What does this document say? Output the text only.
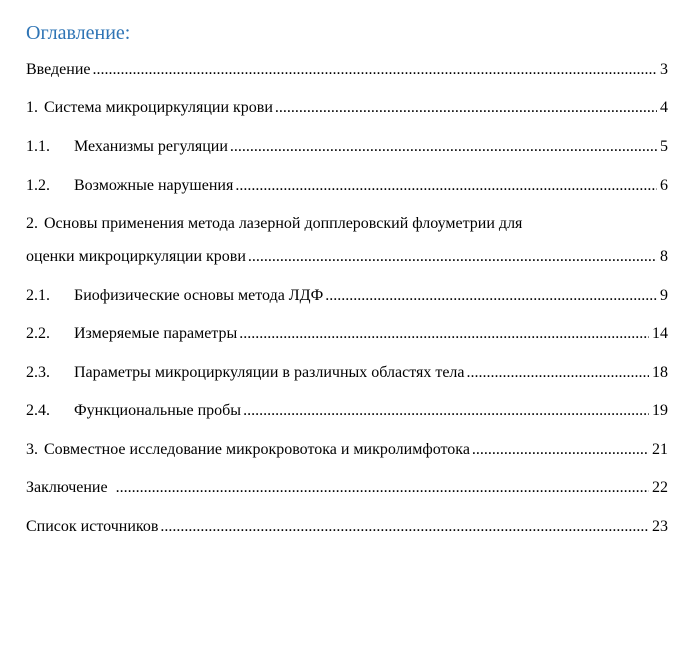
Оглавление:
Введение .....	3
1. Система микроциркуляции крови .....	4
1.1.	Механизмы регуляции .....	5
1.2.	Возможные нарушения .....	6
2. Основы применения метода лазерной допплеровский флоуметрии для
оценки микроциркуляции крови .....	8
2.1.	Биофизические основы метода ЛДФ .....	9
2.2.	Измеряемые параметры .....	14
2.3.	Параметры микроциркуляции в различных областях тела .....	18
2.4.	Функциональные пробы .....	19
3. Совместное исследование микрокровотока и микролимфотока .....	21
Заключение .....	22
Список источников .....	23
